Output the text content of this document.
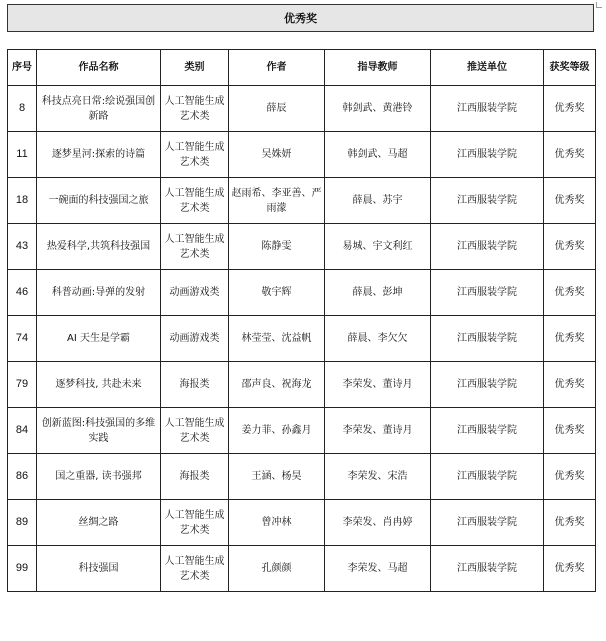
优秀奖
序号	作品名称	类别	作者	指导教师	推送单位	获奖等级
8	科技点亮日常:绘说强国创新路	人工智能生成艺术类	薛辰	韩剑武、黄港铃	江西服装学院	优秀奖
11	逐梦星河:探索的诗篇	人工智能生成艺术类	吴姝妍	韩剑武、马超	江西服装学院	优秀奖
18	一碗面的科技强国之旅	人工智能生成艺术类	赵雨希、李亚善、严雨濛	薛晨、苏宇	江西服装学院	优秀奖
43	热爱科学,共筑科技强国	人工智能生成艺术类	陈静雯	易城、宇文利红	江西服装学院	优秀奖
46	科普动画:导弹的发射	动画游戏类	敬宇辉	薛晨、彭坤	江西服装学院	优秀奖
74	AI 天生是学霸	动画游戏类	林莹莹、沈益帆	薛晨、李欠欠	江西服装学院	优秀奖
79	逐梦科技, 共赴未来	海报类	邵声良、祝海龙	李荣发、董诗月	江西服装学院	优秀奖
84	创新蓝图:科技强国的多维实践	人工智能生成艺术类	姜力菲、孙鑫月	李荣发、董诗月	江西服装学院	优秀奖
86	国之重器, 读书强邦	海报类	王涵、杨昊	李荣发、宋浩	江西服装学院	优秀奖
89	丝绸之路	人工智能生成艺术类	曾冲林	李荣发、肖冉婷	江西服装学院	优秀奖
99	科技强国	人工智能生成艺术类	孔颜颜	李荣发、马超	江西服装学院	优秀奖
